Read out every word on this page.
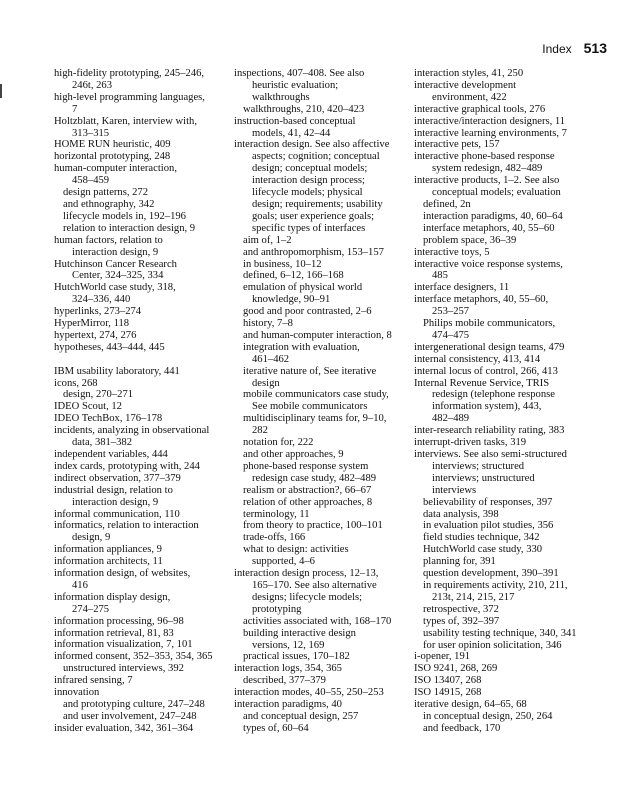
Index 513
high-fidelity prototyping, 245–246,
246t, 263
high-level programming languages,
7
Holtzblatt, Karen, interview with,
313–315
HOME RUN heuristic, 409
horizontal prototyping, 248
human-computer interaction,
458–459
design patterns, 272
and ethnography, 342
lifecycle models in, 192–196
relation to interaction design, 9
human factors, relation to
interaction design, 9
Hutchinson Cancer Research
Center, 324–325, 334
HutchWorld case study, 318,
324–336, 440
hyperlinks, 273–274
HyperMirror, 118
hypertext, 274, 276
hypotheses, 443–444, 445
IBM usability laboratory, 441
icons, 268
design, 270–271
IDEO Scout, 12
IDEO TechBox, 176–178
incidents, analyzing in observational
data, 381–382
independent variables, 444
index cards, prototyping with, 244
indirect observation, 377–379
industrial design, relation to
interaction design, 9
informal communication, 110
informatics, relation to interaction
design, 9
information appliances, 9
information architects, 11
information design, of websites,
416
information display design,
274–275
information processing, 96–98
information retrieval, 81, 83
information visualization, 7, 101
informed consent, 352–353, 354, 365
unstructured interviews, 392
infrared sensing, 7
innovation
and prototyping culture, 247–248
and user involvement, 247–248
insider evaluation, 342, 361–364
inspections, 407–408. See also
heuristic evaluation;
walkthroughs
walkthroughs, 210, 420–423
instruction-based conceptual
models, 41, 42–44
interaction design. See also affective
aspects; cognition; conceptual
design; conceptual models;
interaction design process;
lifecycle models; physical
design; requirements; usability
goals; user experience goals;
specific types of interfaces
aim of, 1–2
and anthropomorphism, 153–157
in business, 10–12
defined, 6–12, 166–168
emulation of physical world
knowledge, 90–91
good and poor contrasted, 2–6
history, 7–8
and human-computer interaction, 8
integration with evaluation,
461–462
iterative nature of, See iterative
design
mobile communicators case study,
See mobile communicators
multidisciplinary teams for, 9–10,
282
notation for, 222
and other approaches, 9
phone-based response system
redesign case study, 482–489
realism or abstraction?, 66–67
relation of other approaches, 8
terminology, 11
from theory to practice, 100–101
trade-offs, 166
what to design: activities
supported, 4–6
interaction design process, 12–13,
165–170. See also alternative
designs; lifecycle models;
prototyping
activities associated with, 168–170
building interactive design
versions, 12, 169
practical issues, 170–182
interaction logs, 354, 365
described, 377–379
interaction modes, 40–55, 250–253
interaction paradigms, 40
and conceptual design, 257
types of, 60–64
interaction styles, 41, 250
interactive development
environment, 422
interactive graphical tools, 276
interactive/interaction designers, 11
interactive learning environments, 7
interactive pets, 157
interactive phone-based response
system redesign, 482–489
interactive products, 1–2. See also
conceptual models; evaluation
defined, 2n
interaction paradigms, 40, 60–64
interface metaphors, 40, 55–60
problem space, 36–39
interactive toys, 5
interactive voice response systems,
485
interface designers, 11
interface metaphors, 40, 55–60,
253–257
Philips mobile communicators,
474–475
intergenerational design teams, 479
internal consistency, 413, 414
internal locus of control, 266, 413
Internal Revenue Service, TRIS
redesign (telephone response
information system), 443,
482–489
inter-research reliability rating, 383
interrupt-driven tasks, 319
interviews. See also semi-structured
interviews; structured
interviews; unstructured
interviews
believability of responses, 397
data analysis, 398
in evaluation pilot studies, 356
field studies technique, 342
HutchWorld case study, 330
planning for, 391
question development, 390–391
in requirements activity, 210, 211,
213t, 214, 215, 217
retrospective, 372
types of, 392–397
usability testing technique, 340, 341
for user opinion solicitation, 346
i-opener, 191
ISO 9241, 268, 269
ISO 13407, 268
ISO 14915, 268
iterative design, 64–65, 68
in conceptual design, 250, 264
and feedback, 170
